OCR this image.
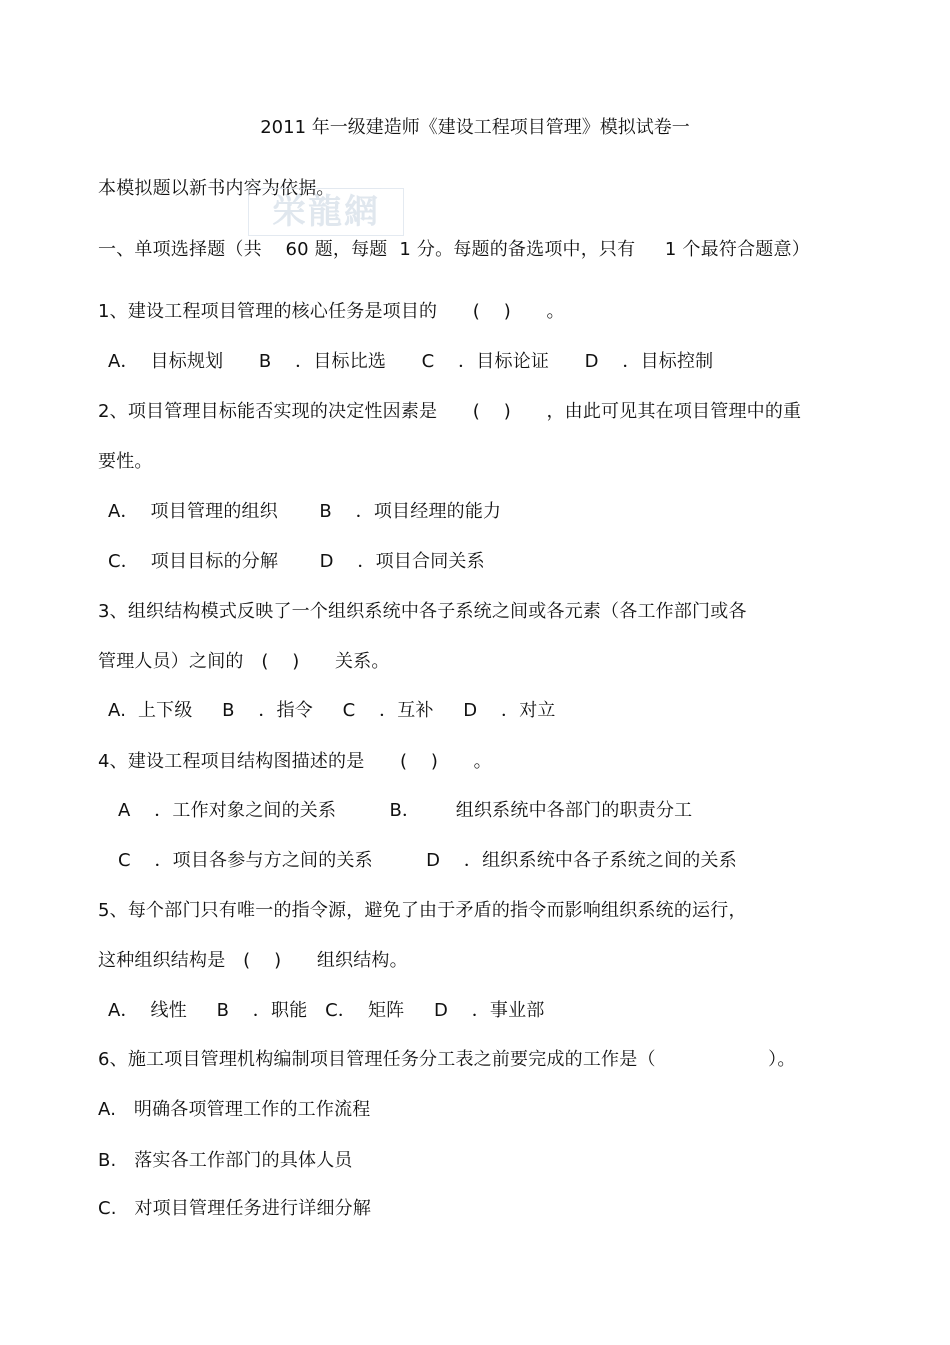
2011 年一级建造师《建设工程项目管理》模拟试卷一
本模拟题以新书内容为依据。
栄龍網
一、单项选择题（共    60 题，每题  1 分。每题的备选项中，只有     1 个最符合题意）
1、建设工程项目管理的核心任务是项目的      (    )      。
A．  目标规划      B    ．目标比选      C    ．目标论证      D    ．目标控制
2、项目管理目标能否实现的决定性因素是      (    )      ，由此可见其在项目管理中的重
要性。
A．  项目管理的组织       B    ．项目经理的能力
C．  项目目标的分解       D    ．项目合同关系
3、组织结构模式反映了一个组织系统中各子系统之间或各元素（各工作部门或各
管理人员）之间的   (    )      关系。
A.  上下级     B    ．指令     C    ．互补     D    ．对立
4、建设工程项目结构图描述的是      (    )      。
A    ．工作对象之间的关系         B．      组织系统中各部门的职责分工
C    ．项目各参与方之间的关系         D    ．组织系统中各子系统之间的关系
5、每个部门只有唯一的指令源，避免了由于矛盾的指令而影响组织系统的运行，
这种组织结构是   (    )      组织结构。
A．  线性     B    ．职能   C．  矩阵     D    ．事业部
6、施工项目管理机构编制项目管理任务分工表之前要完成的工作是（                   ）。
A.   明确各项管理工作的工作流程
B.   落实各工作部门的具体人员
C.   对项目管理任务进行详细分解
